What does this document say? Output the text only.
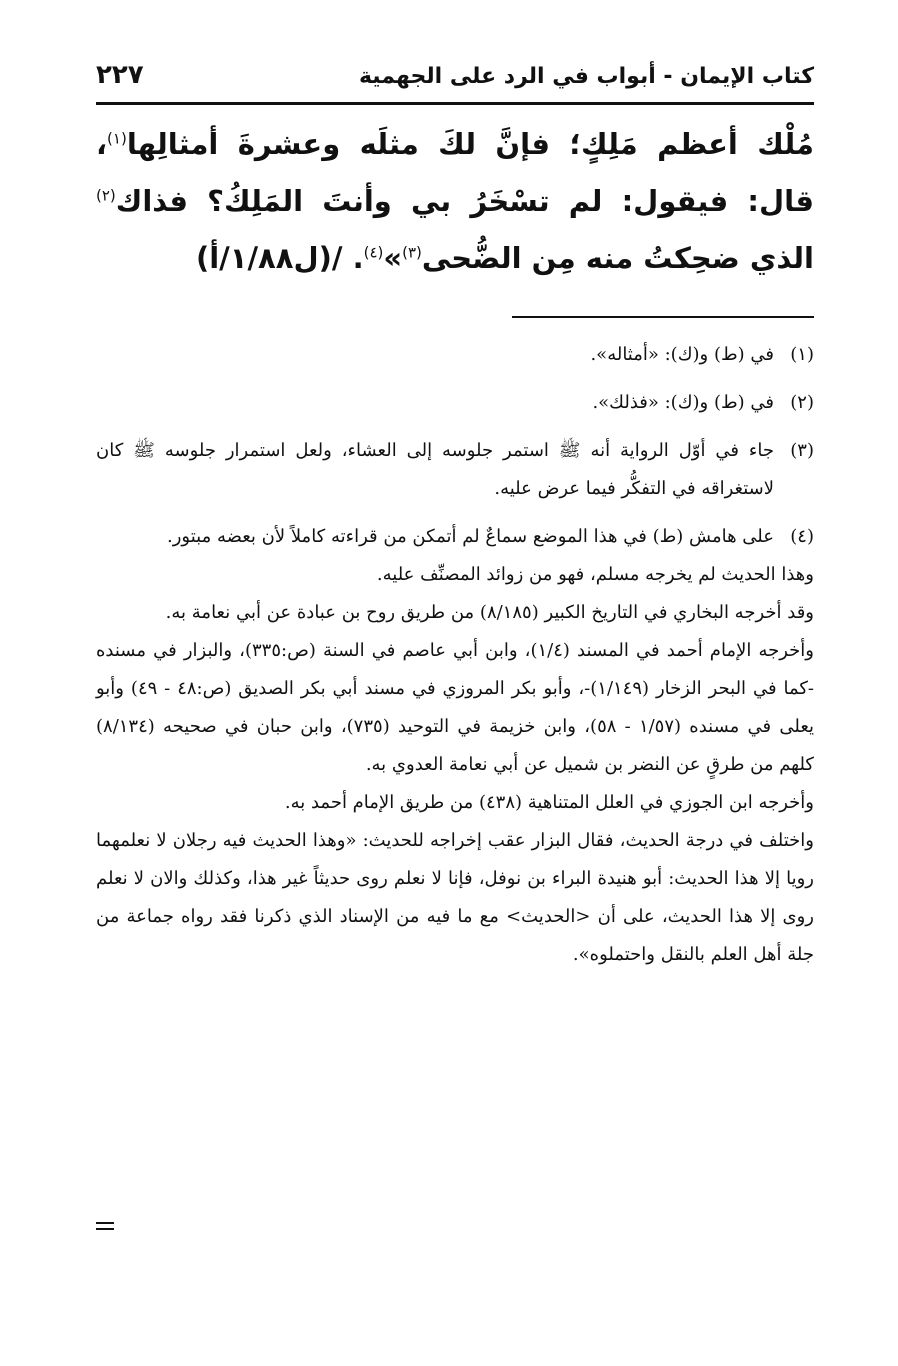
كتاب الإيمان - أبواب في الرد على الجهمية
٢٢٧

مُلْك أعظم مَلِكٍ؛ فإنَّ لكَ مثلَه وعشرةَ أمثالِها$^{(١)}$، قال: فيقول: لم تسْخَرُ بي وأنتَ المَلِكُ؟ فذاك$^{(٢)}$ الذي ضحِكتُ منه مِن الضُّحى$^{(٣)}$»$^{(٤)}$. /(ل١/٨٨/أ)

(١)
في (ط) و(ك): «أمثاله».

(٢)
في (ط) و(ك): «فذلك».

(٣)
جاء في أوّل الرواية أنه ﷺ استمر جلوسه إلى العشاء، ولعل استمرار جلوسه ﷺ كان لاستغراقه في التفكُّر فيما عرض عليه.

(٤)
على هامش (ط) في هذا الموضع سماعٌ لم أتمكن من قراءته كاملاً لأن بعضه مبتور.

وهذا الحديث لم يخرجه مسلم، فهو من زوائد المصنِّف عليه.

وقد أخرجه البخاري في التاريخ الكبير (٨/١٨٥) من طريق روح بن عبادة عن أبي نعامة به.

وأخرجه الإمام أحمد في المسند (١/٤)، وابن أبي عاصم في السنة (ص:٣٣٥)، والبزار في مسنده -كما في البحر الزخار (١/١٤٩)-، وأبو بكر المروزي في مسند أبي بكر الصديق (ص:٤٨ - ٤٩) وأبو يعلى في مسنده (١/٥٧ - ٥٨)، وابن خزيمة في التوحيد (٧٣٥)، وابن حبان في صحيحه (٨/١٣٤) كلهم من طرقٍ عن النضر بن شميل عن أبي نعامة العدوي به.

وأخرجه ابن الجوزي في العلل المتناهية (٤٣٨) من طريق الإمام أحمد به.

واختلف في درجة الحديث، فقال البزار عقب إخراجه للحديث: «وهذا الحديث فيه رجلان لا نعلمهما رويا إلا هذا الحديث: أبو هنيدة البراء بن نوفل، فإنا لا نعلم روى حديثاً غير هذا، وكذلك والان لا نعلم روى إلا هذا الحديث، على أن <الحديث> مع ما فيه من الإسناد الذي ذكرنا فقد رواه جماعة من جلة أهل العلم بالنقل واحتملوه».
